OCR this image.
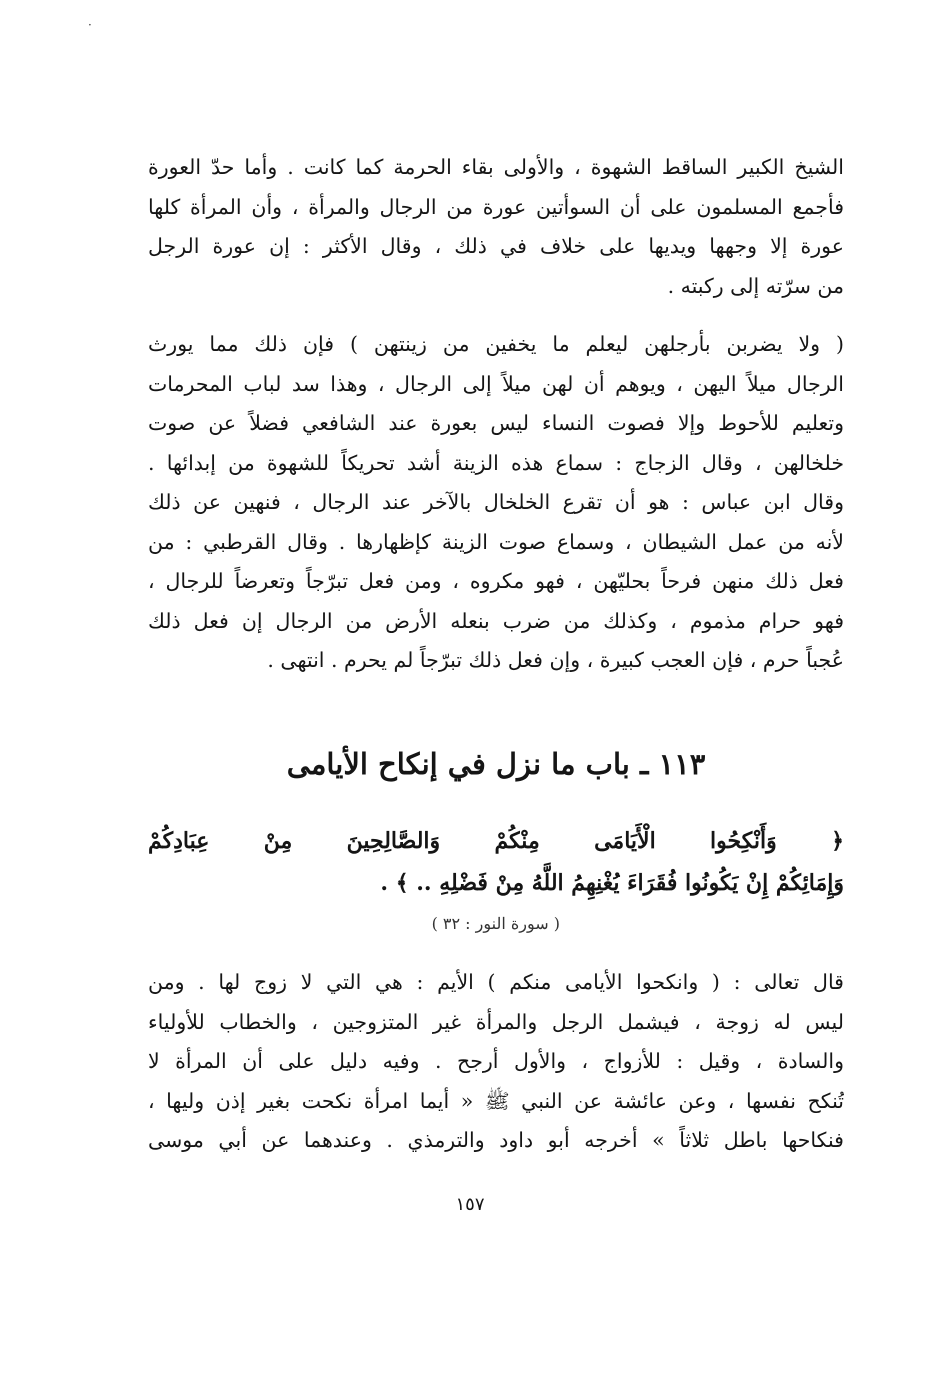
·
الشيخ الكبير الساقط الشهوة ، والأولى بقاء الحرمة كما كانت . وأما حدّ العورة
فأجمع المسلمون على أن السوأتين عورة من الرجال والمرأة ، وأن المرأة كلها
عورة إلا وجهها ويديها على خلاف في ذلك ، وقال الأكثر : إن عورة الرجل
من سرّته إلى ركبته .
( ولا يضربن بأرجلهن ليعلم ما يخفين من زينتهن ) فإن ذلك مما يورث
الرجال ميلاً اليهن ، ويوهم أن لهن ميلاً إلى الرجال ، وهذا سد لباب المحرمات
وتعليم للأحوط وإلا فصوت النساء ليس بعورة عند الشافعي فضلاً عن صوت
خلخالهن ، وقال الزجاج : سماع هذه الزينة أشد تحريكاً للشهوة من إبدائها .
وقال ابن عباس : هو أن تقرع الخلخال بالآخر عند الرجال ، فنهين عن ذلك
لأنه من عمل الشيطان ، وسماع صوت الزينة كإظهارها . وقال القرطبي : من
فعل ذلك منهن فرحاً بحليّهن ، فهو مكروه ، ومن فعل تبرّجاً وتعرضاً للرجال ،
فهو حرام مذموم ، وكذلك من ضرب بنعله الأرض من الرجال إن فعل ذلك
عُجباً حرم ، فإن العجب كبيرة ، وإن فعل ذلك تبرّجاً لم يحرم . انتهى .
١١٣ ـ باب ما نزل في إنكاح الأيامى
﴿ وَأَنْكِحُوا الْأَيَامَى مِنْكُمْ وَالصَّالِحِينَ مِنْ عِبَادِكُمْ
وَإِمَائِكُمْ إِنْ يَكُونُوا فُقَرَاءَ يُغْنِهِمُ اللَّهُ مِنْ فَضْلِهِ .. ﴾ .
( سورة النور : ٣٢ )
قال تعالى : ( وانكحوا الأيامى منكم ) الأيم : هي التي لا زوج لها . ومن
ليس له زوجة ، فيشمل الرجل والمرأة غير المتزوجين ، والخطاب للأولياء
والسادة ، وقيل : للأزواج ، والأول أرجح . وفيه دليل على أن المرأة لا
تُنكح نفسها ، وعن عائشة عن النبي ﷺ « أيما امرأة نكحت بغير إذن وليها ،
فنكاحها باطل ثلاثاً » أخرجه أبو داود والترمذي . وعندهما عن أبي موسى
١٥٧
